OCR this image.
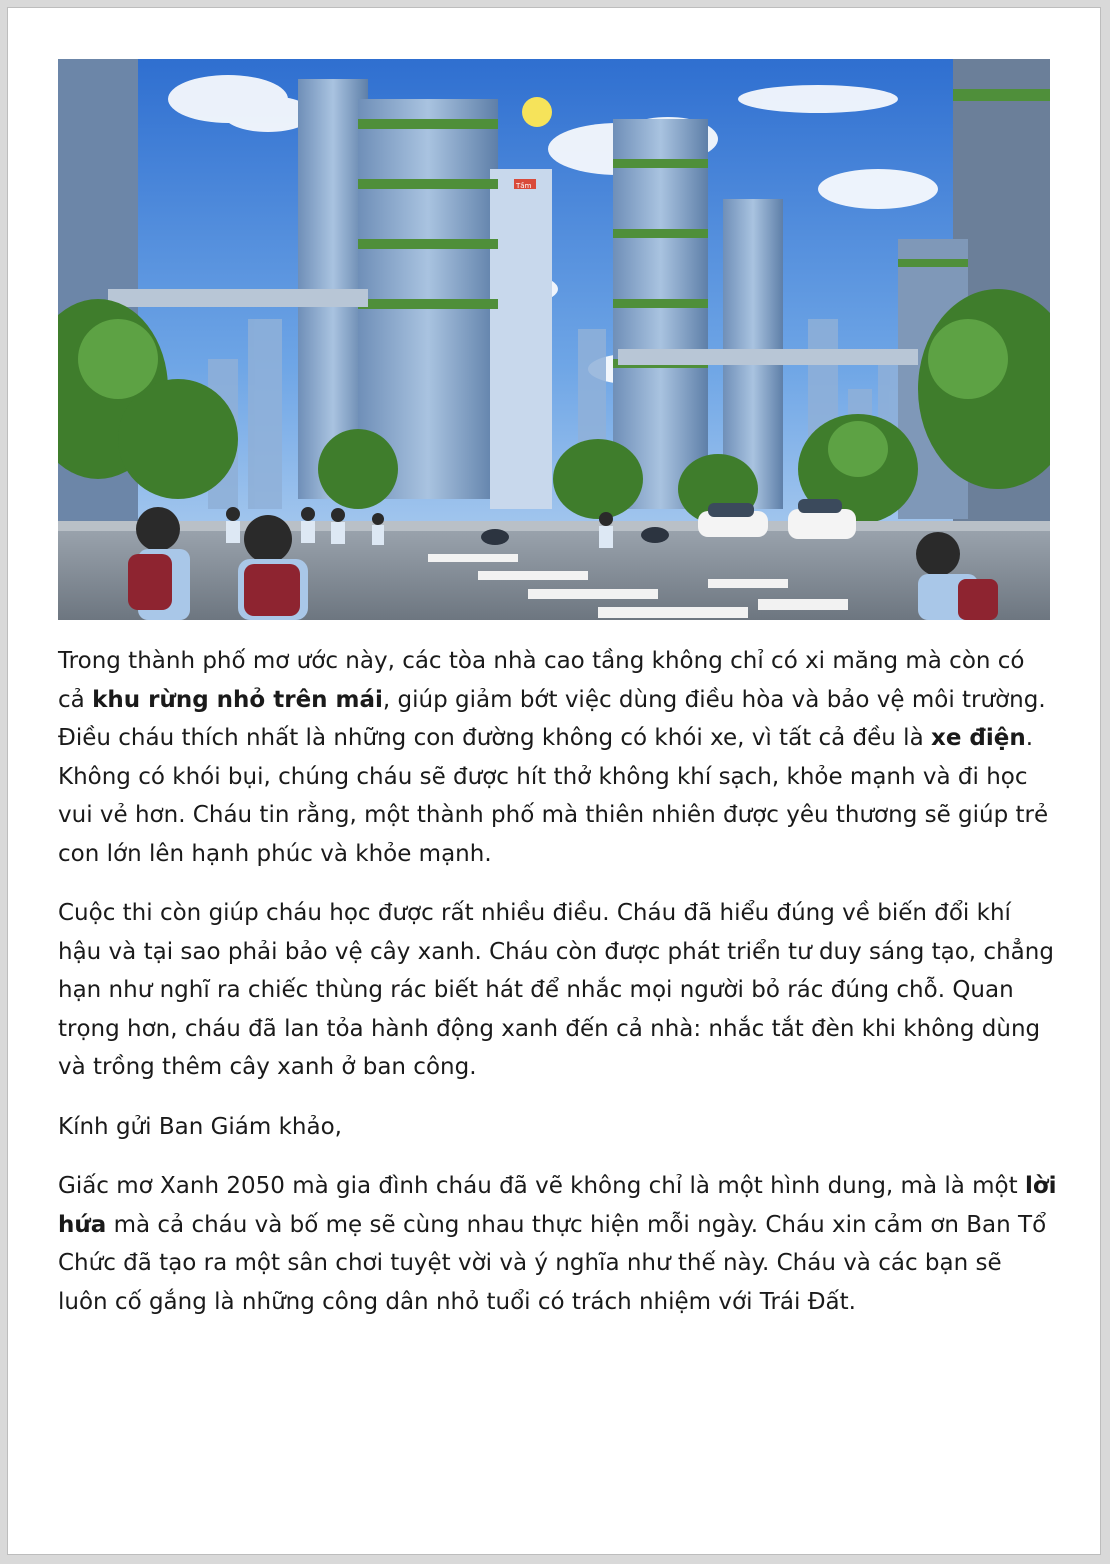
Tầm

Trong thành phố mơ ước này, các tòa nhà cao tầng không chỉ có xi măng mà còn có cả khu rừng nhỏ trên mái, giúp giảm bớt việc dùng điều hòa và bảo vệ môi trường. Điều cháu thích nhất là những con đường không có khói xe, vì tất cả đều là xe điện. Không có khói bụi, chúng cháu sẽ được hít thở không khí sạch, khỏe mạnh và đi học vui vẻ hơn. Cháu tin rằng, một thành phố mà thiên nhiên được yêu thương sẽ giúp trẻ con lớn lên hạnh phúc và khỏe mạnh.

Cuộc thi còn giúp cháu học được rất nhiều điều. Cháu đã hiểu đúng về biến đổi khí hậu và tại sao phải bảo vệ cây xanh. Cháu còn được phát triển tư duy sáng tạo, chẳng hạn như nghĩ ra chiếc thùng rác biết hát để nhắc mọi người bỏ rác đúng chỗ. Quan trọng hơn, cháu đã lan tỏa hành động xanh đến cả nhà: nhắc tắt đèn khi không dùng và trồng thêm cây xanh ở ban công.

Kính gửi Ban Giám khảo,

Giấc mơ Xanh 2050 mà gia đình cháu đã vẽ không chỉ là một hình dung, mà là một lời hứa mà cả cháu và bố mẹ sẽ cùng nhau thực hiện mỗi ngày. Cháu xin cảm ơn Ban Tổ Chức đã tạo ra một sân chơi tuyệt vời và ý nghĩa như thế này. Cháu và các bạn sẽ luôn cố gắng là những công dân nhỏ tuổi có trách nhiệm với Trái Đất.
